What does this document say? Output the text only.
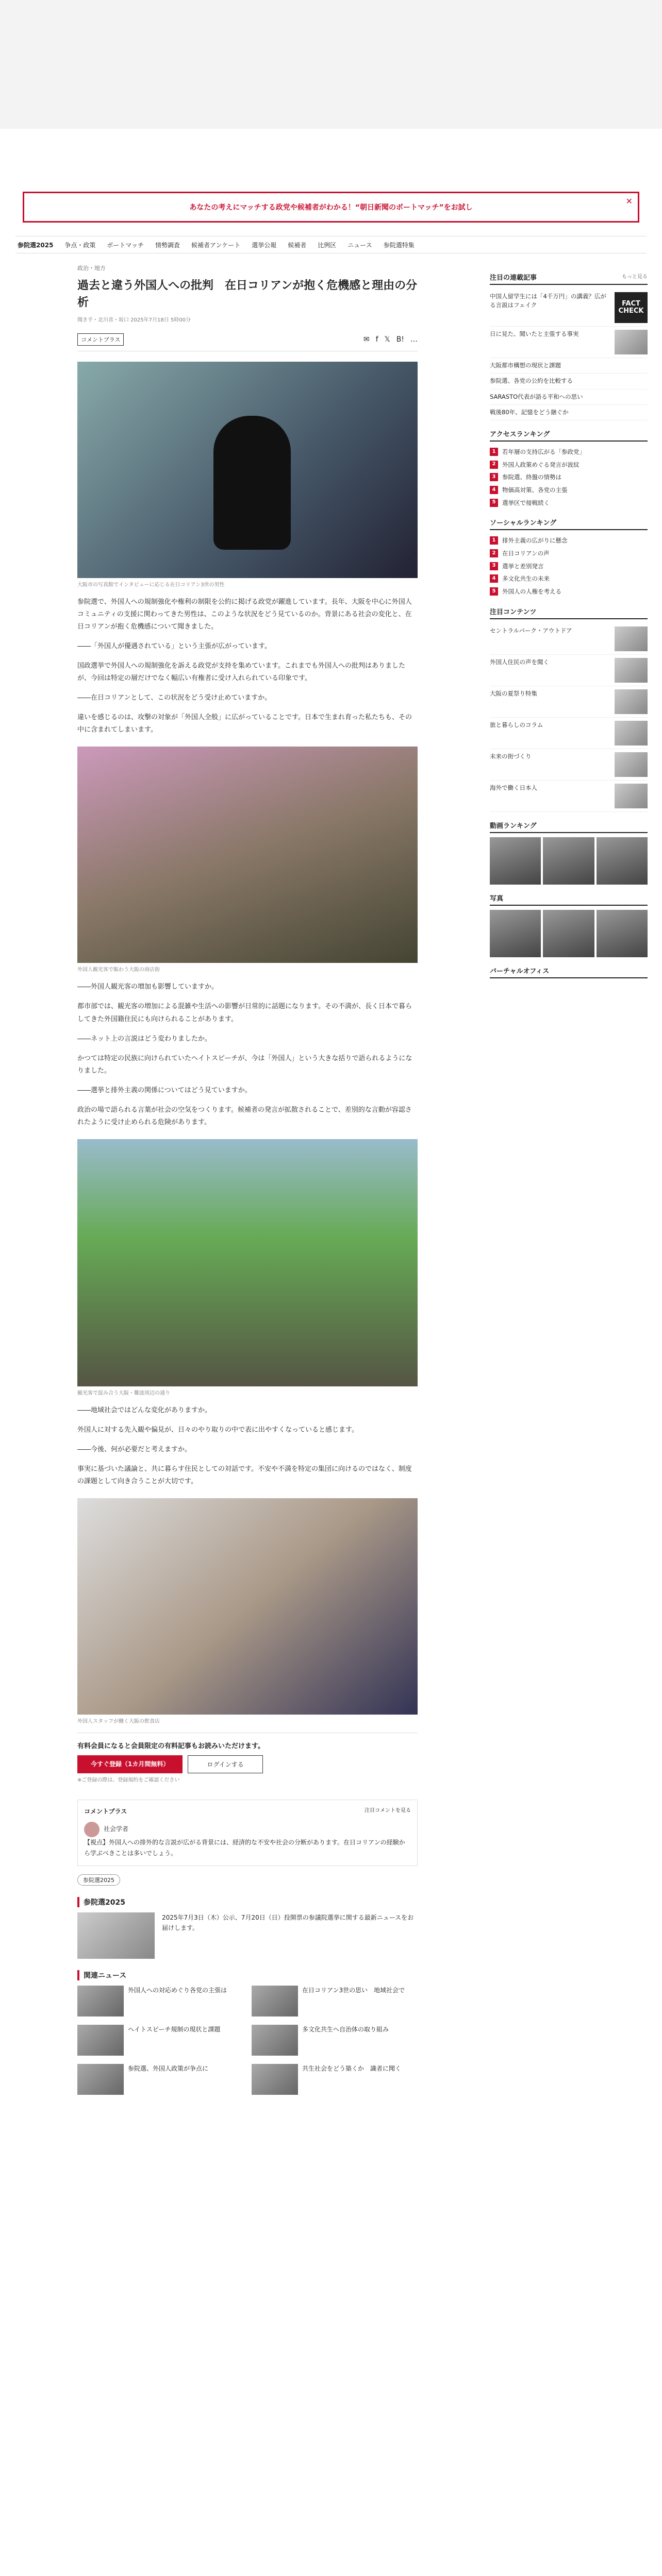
あなたの考えにマッチする政党や候補者がわかる！“朝日新聞のボートマッチ”をお試し
✕
参院選2025 争点・政策 ボートマッチ 情勢調査 候補者アンケート 選挙公報 候補者 比例区 ニュース 参院選特集
政治・地方
過去と違う外国人への批判　在日コリアンが抱く危機感と理由の分析
聞き手・北川喜・坂口 2025年7月18日 5時00分
コメントプラス	✉ f 𝕏 B! …
大阪市の写真館でインタビューに応じる在日コリアン3世の男性

参院選で、外国人への規制強化や権利の制限を公約に掲げる政党が躍進しています。長年、大阪を中心に外国人コミュニティの支援に関わってきた男性は、このような状況をどう見ているのか。背景にある社会の変化と、在日コリアンが抱く危機感について聞きました。

――「外国人が優遇されている」という主張が広がっています。

国政選挙で外国人への規制強化を訴える政党が支持を集めています。これまでも外国人への批判はありましたが、今回は特定の層だけでなく幅広い有権者に受け入れられている印象です。

――在日コリアンとして、この状況をどう受け止めていますか。

違いを感じるのは、攻撃の対象が「外国人全般」に広がっていることです。日本で生まれ育った私たちも、その中に含まれてしまいます。

外国人観光客で賑わう大阪の商店街

――外国人観光客の増加も影響していますか。

都市部では、観光客の増加による混雑や生活への影響が日常的に話題になります。その不満が、長く日本で暮らしてきた外国籍住民にも向けられることがあります。

――ネット上の言説はどう変わりましたか。

かつては特定の民族に向けられていたヘイトスピーチが、今は「外国人」という大きな括りで語られるようになりました。

――選挙と排外主義の関係についてはどう見ていますか。

政治の場で語られる言葉が社会の空気をつくります。候補者の発言が拡散されることで、差別的な言動が容認されたように受け止められる危険があります。

観光客で混み合う大阪・難波周辺の通り

――地域社会ではどんな変化がありますか。

外国人に対する先入観や偏見が、日々のやり取りの中で表に出やすくなっていると感じます。

――今後、何が必要だと考えますか。

事実に基づいた議論と、共に暮らす住民としての対話です。不安や不満を特定の集団に向けるのではなく、制度の課題として向き合うことが大切です。

外国人スタッフが働く大阪の飲食店
有料会員になると会員限定の有料記事もお読みいただけます。
今すぐ登録（1カ月間無料）	ログインする
※ご登録の際は、登録規約をご確認ください
コメントプラス	注目コメントを見る
社会学者

【視点】外国人への排外的な言説が広がる背景には、経済的な不安や社会の分断があります。在日コリアンの経験から学ぶべきことは多いでしょう。

参院選2025
参院選2025

2025年7月3日（木）公示、7月20日（日）投開票の参議院選挙に関する最新ニュースをお届けします。

関連ニュース
外国人への対応めぐり各党の主張は	在日コリアン3世の思い　地域社会で
ヘイトスピーチ規制の現状と課題	多文化共生へ自治体の取り組み
参院選、外国人政策が争点に	共生社会をどう築くか　識者に聞く
注目の連載記事	もっと見る
中国人留学生には「4千万円」の講義？広がる言説はフェイク	FACT
CHECK
日に見た、聞いたと主張する事実
大阪都市構想の現状と課題
参院選、各党の公約を比較する
SARASTO代表が語る平和への思い
戦後80年、記憶をどう継ぐか
アクセスランキング
1	若年層の支持広がる「参政党」
2	外国人政策めぐる発言が波紋
3	参院選、終盤の情勢は
4	物価高対策、各党の主張
5	選挙区で接戦続く
ソーシャルランキング
1	排外主義の広がりに懸念
2	在日コリアンの声
3	選挙と差別発言
4	多文化共生の未来
5	外国人の人権を考える
注目コンテンツ
セントラルパーク・アウトドア
外国人住民の声を聞く
大阪の夏祭り特集
旅と暮らしのコラム
未来の街づくり
海外で働く日本人
動画ランキング
写真
バーチャルオフィス
